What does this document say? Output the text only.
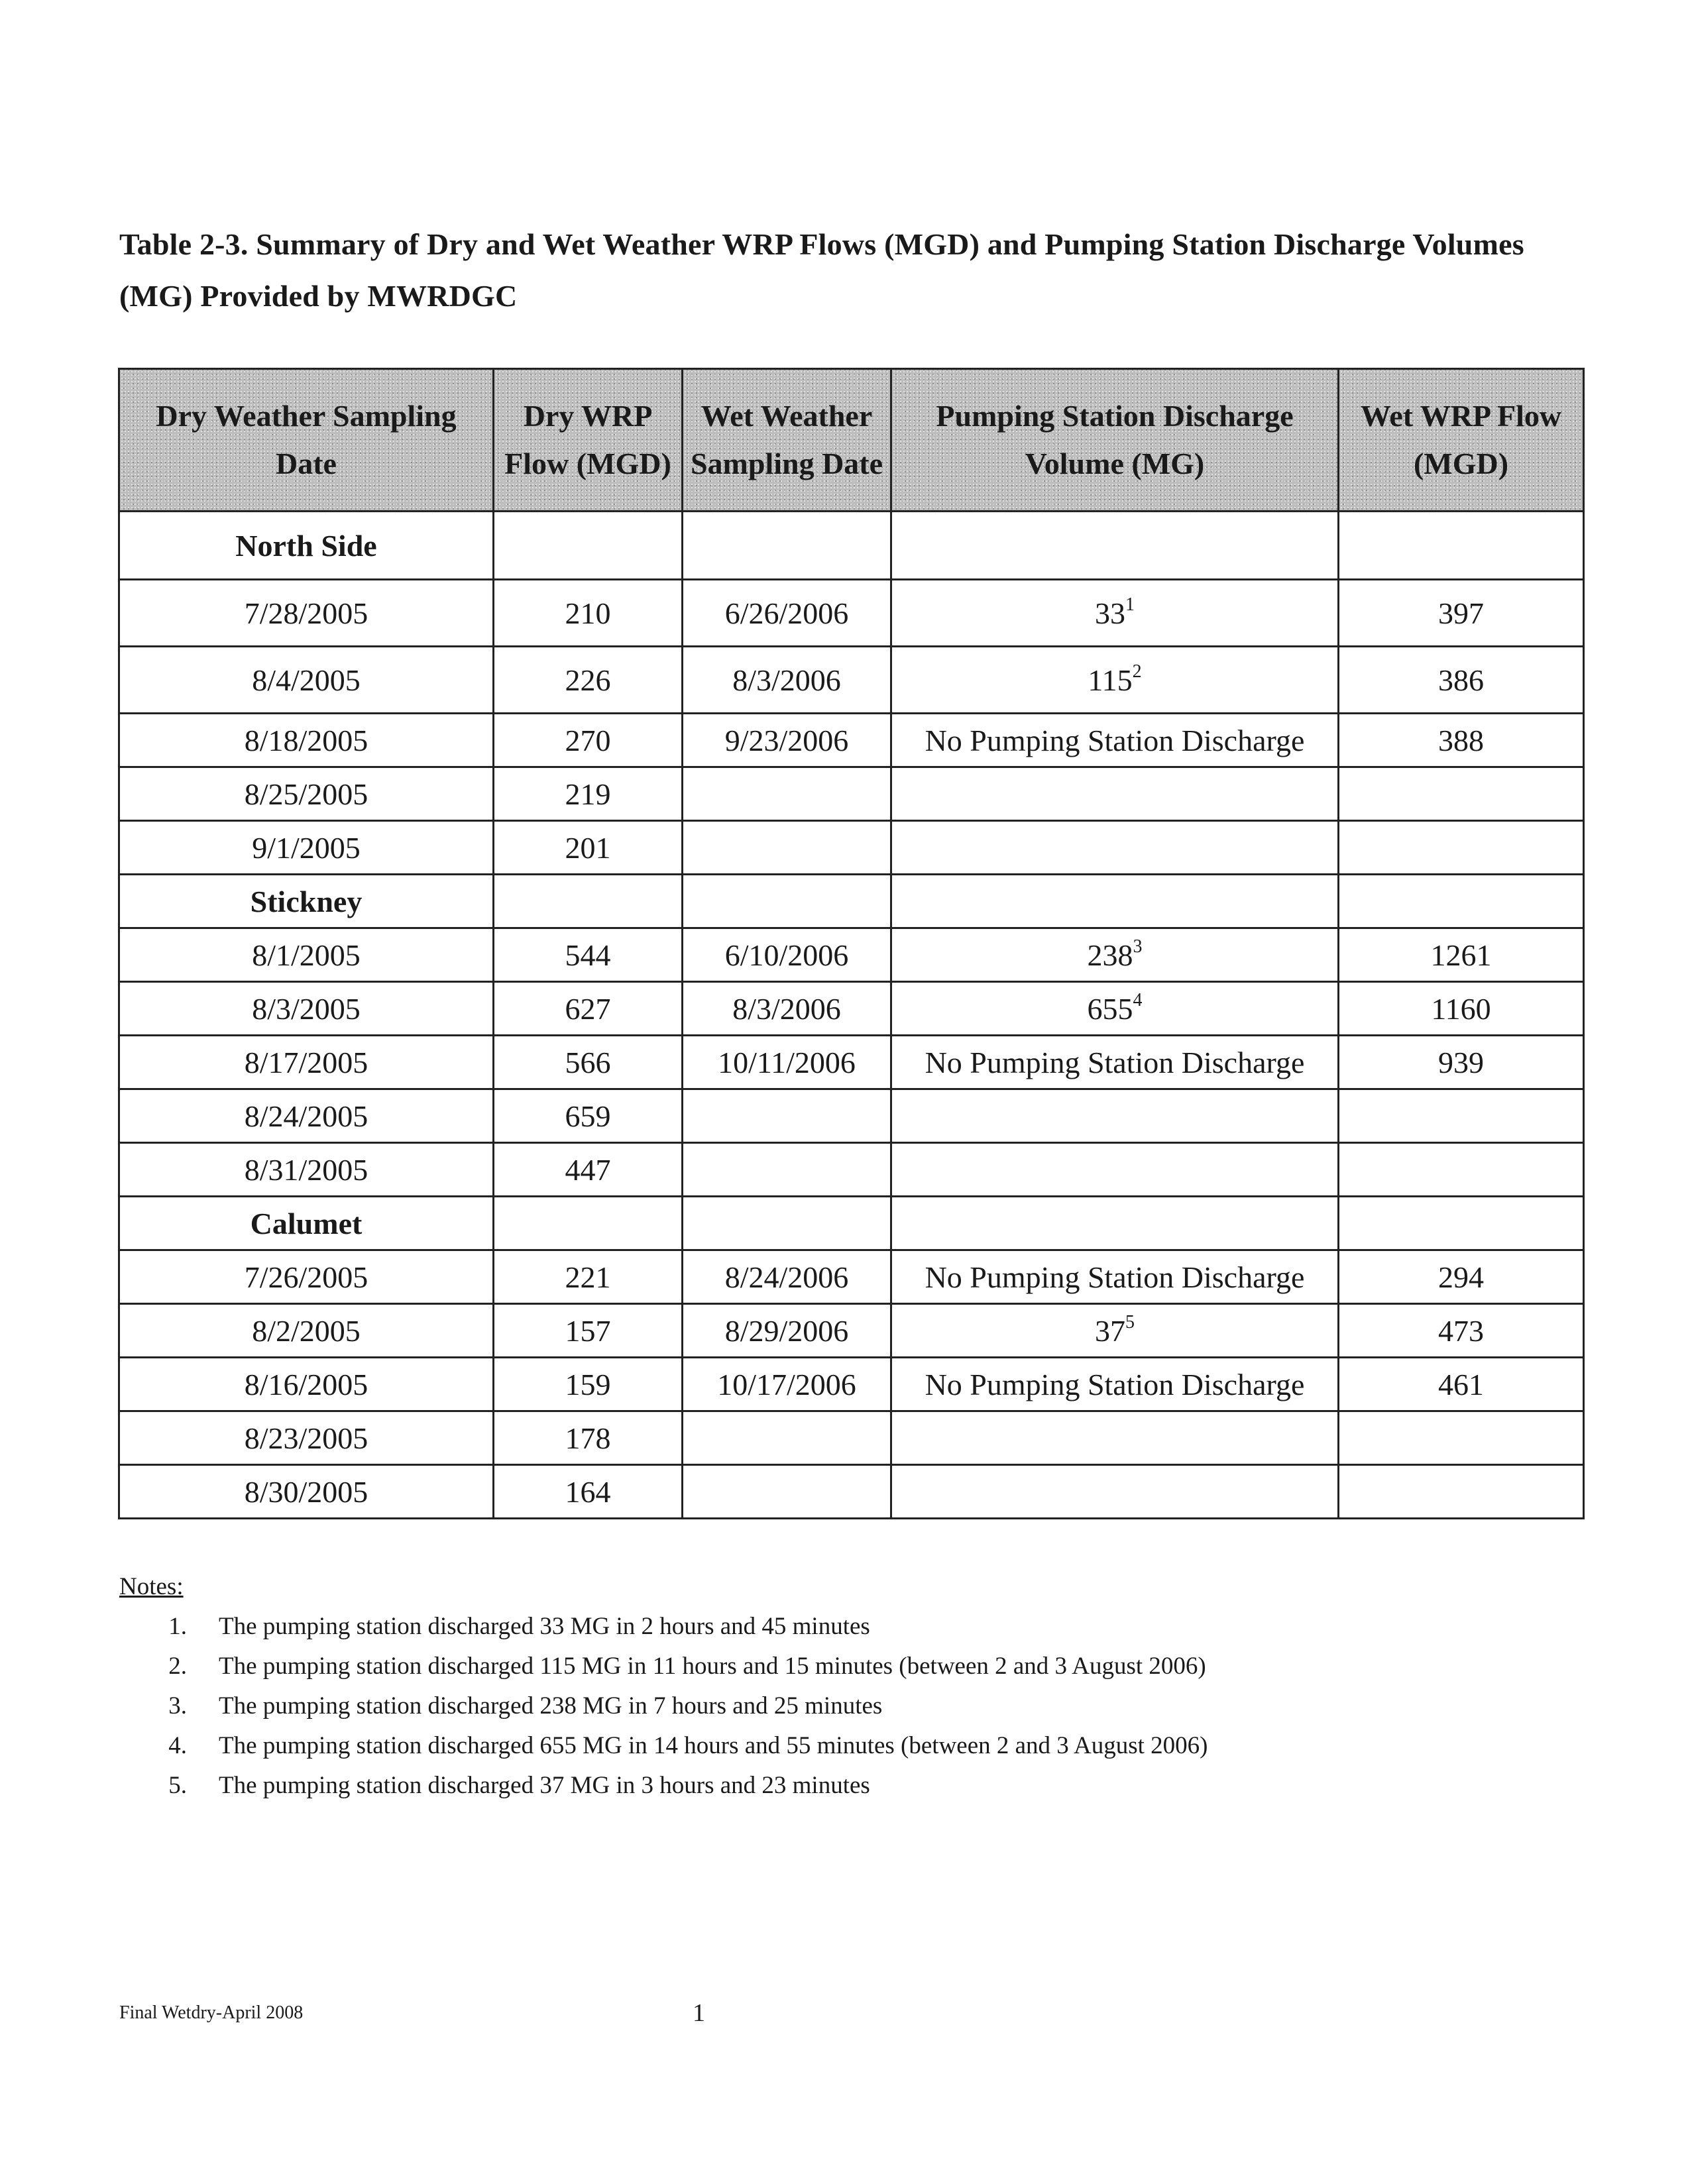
Table 2-3. Summary of Dry and Wet Weather WRP Flows (MGD) and Pumping Station Discharge Volumes (MG) Provided by MWRDGC
Dry Weather Sampling Date	Dry WRP Flow (MGD)	Wet Weather Sampling Date	Pumping Station Discharge Volume (MG)	Wet WRP Flow (MGD)
North Side				
7/28/2005	210	6/26/2006	$33^1$	397
8/4/2005	226	8/3/2006	$115^2$	386
8/18/2005	270	9/23/2006	No Pumping Station Discharge	388
8/25/2005	219			
9/1/2005	201			
Stickney				
8/1/2005	544	6/10/2006	$238^3$	1261
8/3/2005	627	8/3/2006	$655^4$	1160
8/17/2005	566	10/11/2006	No Pumping Station Discharge	939
8/24/2005	659			
8/31/2005	447			
Calumet				
7/26/2005	221	8/24/2006	No Pumping Station Discharge	294
8/2/2005	157	8/29/2006	$37^5$	473
8/16/2005	159	10/17/2006	No Pumping Station Discharge	461
8/23/2005	178			
8/30/2005	164			
Notes:
1.	The pumping station discharged 33 MG in 2 hours and 45 minutes
2.	The pumping station discharged 115 MG in 11 hours and 15 minutes (between 2 and 3 August 2006)
3.	The pumping station discharged 238 MG in 7 hours and 25 minutes
4.	The pumping station discharged 655 MG in 14 hours and 55 minutes (between 2 and 3 August 2006)
5.	The pumping station discharged 37 MG in 3 hours and 23 minutes
Final Wetdry-April 2008	1
